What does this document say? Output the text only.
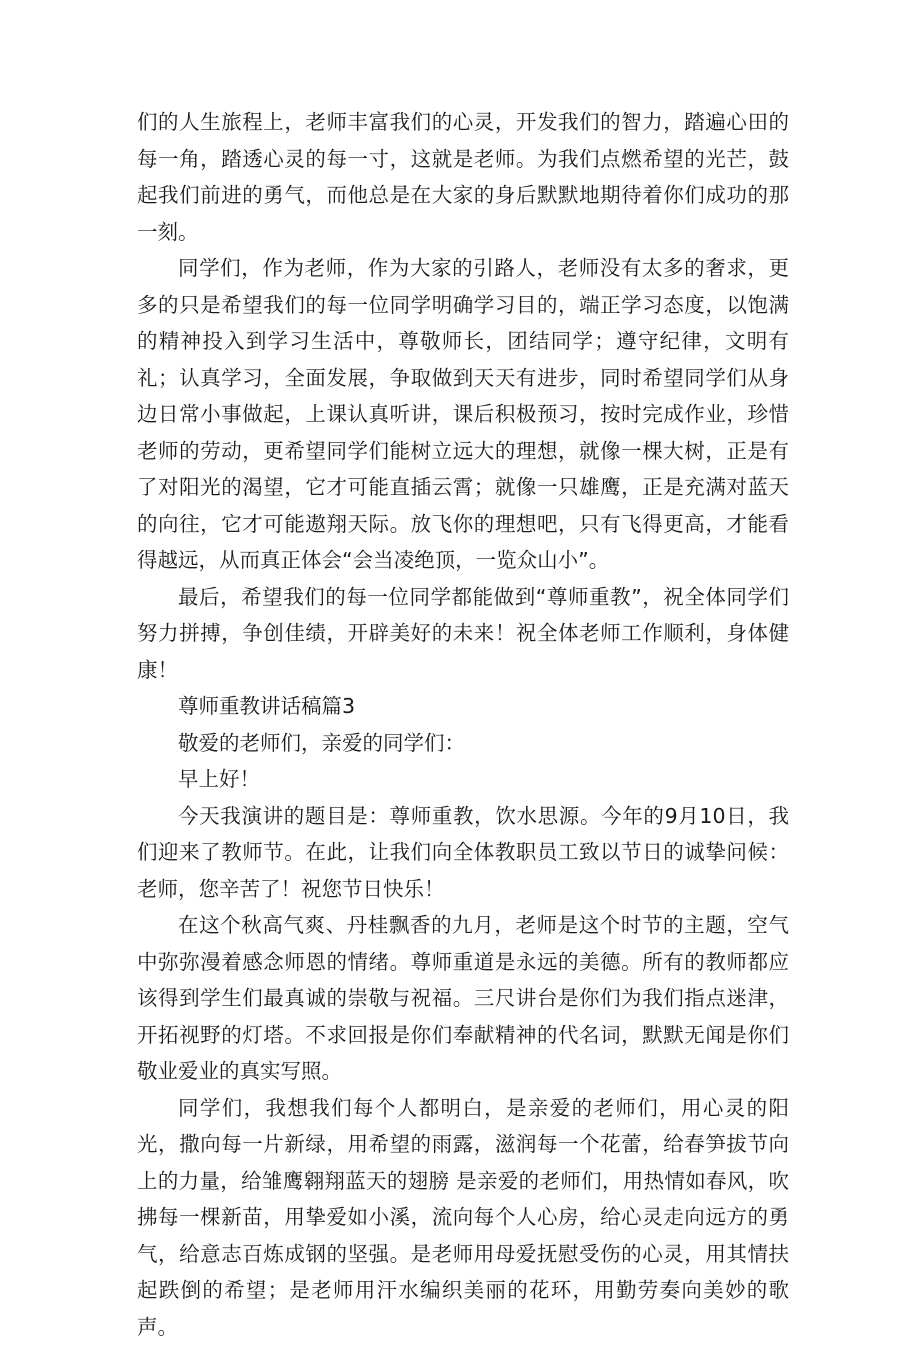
们的人生旅程上，老师丰富我们的心灵，开发我们的智力，踏遍心田的每一角，踏透心灵的每一寸，这就是老师。为我们点燃希望的光芒，鼓起我们前进的勇气，而他总是在大家的身后默默地期待着你们成功的那一刻。

同学们，作为老师，作为大家的引路人，老师没有太多的奢求，更多的只是希望我们的每一位同学明确学习目的，端正学习态度，以饱满的精神投入到学习生活中，尊敬师长，团结同学；遵守纪律，文明有礼；认真学习，全面发展，争取做到天天有进步，同时希望同学们从身边日常小事做起，上课认真听讲，课后积极预习，按时完成作业，珍惜老师的劳动，更希望同学们能树立远大的理想，就像一棵大树，正是有了对阳光的渴望，它才可能直插云霄；就像一只雄鹰，正是充满对蓝天的向往，它才可能遨翔天际。放飞你的理想吧，只有飞得更高，才能看得越远，从而真正体会“会当凌绝顶，一览众山小”。

最后，希望我们的每一位同学都能做到“尊师重教”，祝全体同学们努力拼搏，争创佳绩，开辟美好的未来！祝全体老师工作顺利，身体健康！

尊师重教讲话稿篇3

敬爱的老师们，亲爱的同学们：

早上好！

今天我演讲的题目是：尊师重教，饮水思源。今年的9月10日，我们迎来了教师节。在此，让我们向全体教职员工致以节日的诚挚问候：老师，您辛苦了！祝您节日快乐！

在这个秋高气爽、丹桂飘香的九月，老师是这个时节的主题，空气中弥弥漫着感念师恩的情绪。尊师重道是永远的美德。所有的教师都应该得到学生们最真诚的崇敬与祝福。三尺讲台是你们为我们指点迷津，开拓视野的灯塔。不求回报是你们奉献精神的代名词，默默无闻是你们敬业爱业的真实写照。

同学们，我想我们每个人都明白，是亲爱的老师们，用心灵的阳光，撒向每一片新绿，用希望的雨露，滋润每一个花蕾，给春笋拔节向上的力量，给雏鹰翱翔蓝天的翅膀 是亲爱的老师们，用热情如春风，吹拂每一棵新苗，用挚爱如小溪，流向每个人心房，给心灵走向远方的勇气，给意志百炼成钢的坚强。是老师用母爱抚慰受伤的心灵，用其情扶起跌倒的希望；是老师用汗水编织美丽的花环，用勤劳奏向美妙的歌声。
